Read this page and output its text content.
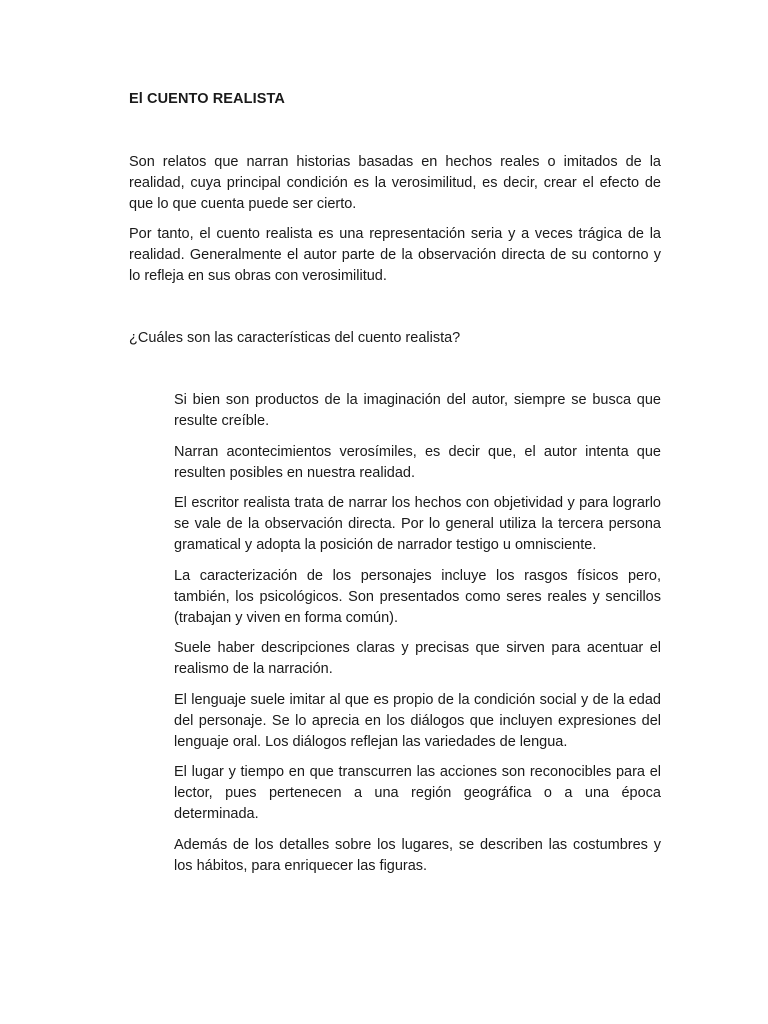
El CUENTO REALISTA

Son relatos que narran historias basadas en hechos reales o imitados de la realidad, cuya principal condición es la verosimilitud, es decir, crear el efecto de que lo que cuenta puede ser cierto.

Por tanto, el cuento realista es una representación seria y a veces trágica de la realidad. Generalmente el autor parte de la observación directa de su contorno y lo refleja en sus obras con verosimilitud.

¿Cuáles son las características del cuento realista?

Si bien son productos de la imaginación del autor, siempre se busca que resulte creíble.
Narran acontecimientos verosímiles, es decir que, el autor intenta que resulten posibles en nuestra realidad.
El escritor realista trata de narrar los hechos con objetividad y para lograrlo se vale de la observación directa. Por lo general utiliza la tercera persona gramatical y adopta la posición de narrador testigo u omnisciente.
La caracterización de los personajes incluye los rasgos físicos pero, también, los psicológicos. Son presentados como seres reales y sencillos (trabajan y viven en forma común).
Suele haber descripciones claras y precisas que sirven para acentuar el realismo de la narración.
El lenguaje suele imitar al que es propio de la condición social y de la edad del personaje. Se lo aprecia en los diálogos que incluyen expresiones del lenguaje oral. Los diálogos reflejan las variedades de lengua.
El lugar y tiempo en que transcurren las acciones son reconocibles para el lector, pues pertenecen a una región geográfica o a una época determinada.
Además de los detalles sobre los lugares, se describen las costumbres y los hábitos, para enriquecer las figuras.
